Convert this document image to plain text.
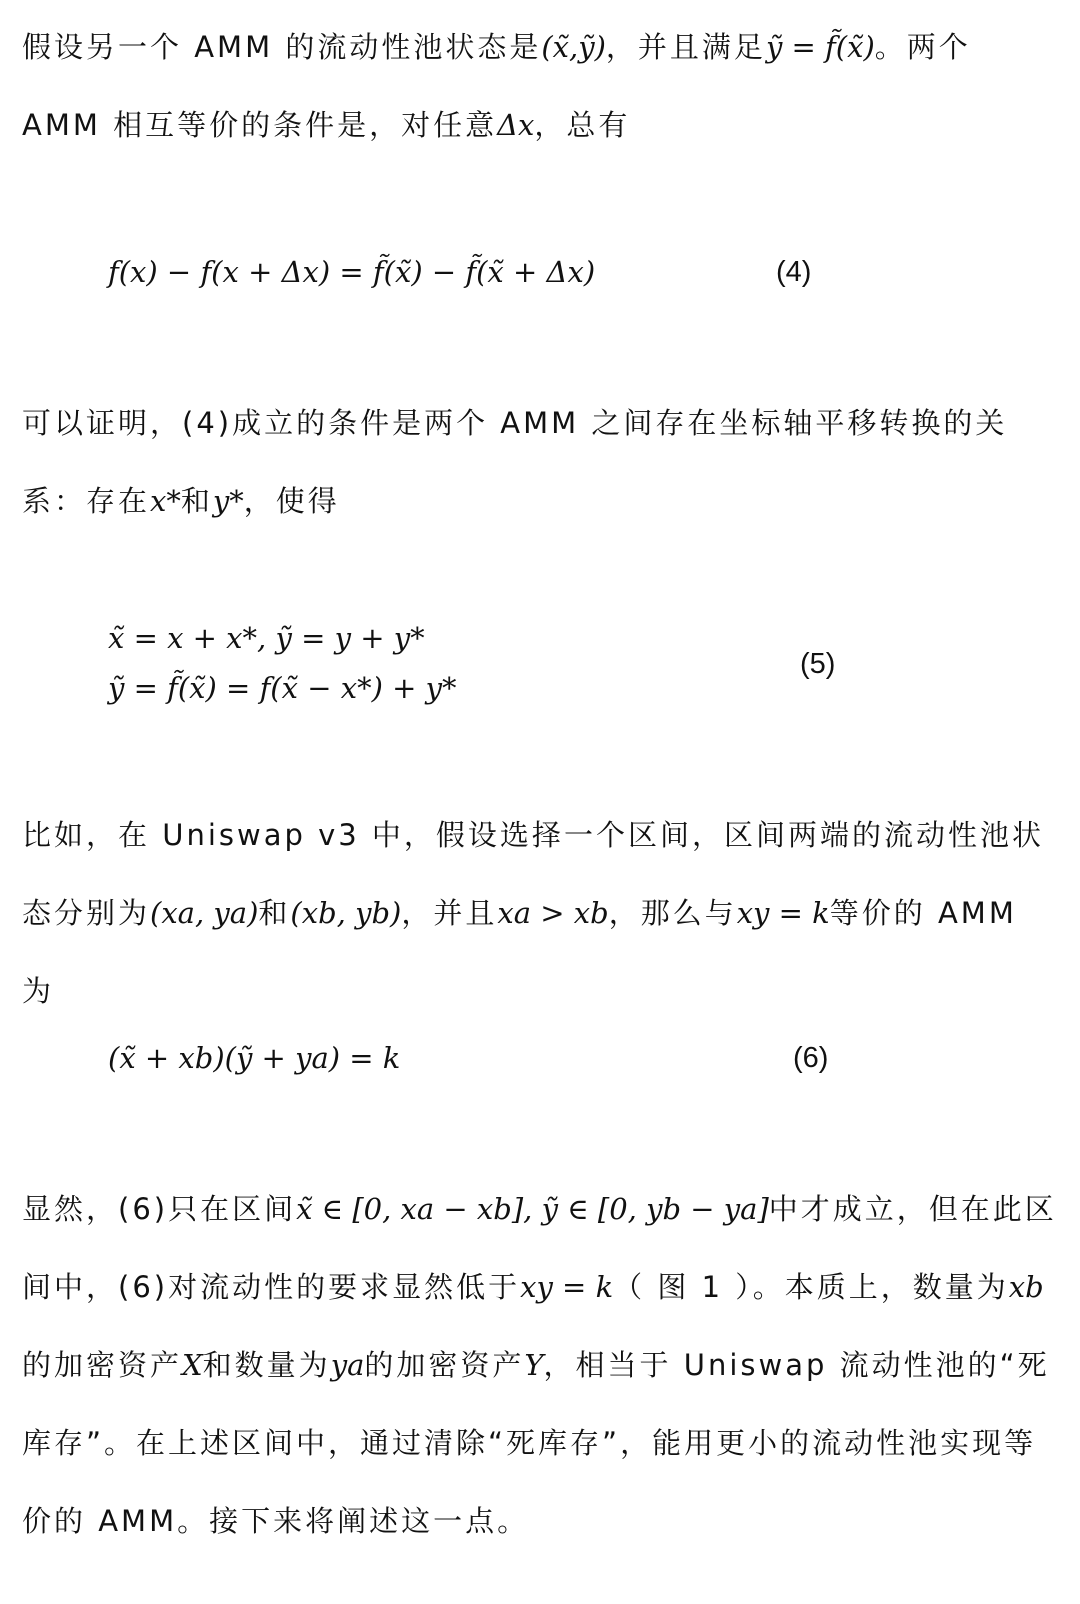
假设另一个 AMM 的流动性池状态是(x̃,ỹ)，并且满足ỹ = f̃(x̃)。两个 AMM 相互等价的条件是，对任意Δx，总有

f(x) − f(x + Δx) = f̃(x̃) − f̃(x̃ + Δx)	(4)

可以证明，(4)成立的条件是两个 AMM 之间存在坐标轴平移转换的关系：存在x*和y*，使得

x̃ = x + x*, ỹ = y + y*
ỹ = f̃(x̃) = f(x̃ − x*) + y*
(5)

比如，在 Uniswap v3 中，假设选择一个区间，区间两端的流动性池状态分别为(xa, ya)和(xb, yb)，并且xa > xb，那么与xy = k等价的 AMM 为

(x̃ + xb)(ỹ + ya) = k	(6)

显然，(6)只在区间x̃ ∈ [0, xa − xb], ỹ ∈ [0, yb − ya]中才成立，但在此区间中，(6)对流动性的要求显然低于xy = k（ 图 1 ）。本质上，数量为xb的加密资产X和数量为ya的加密资产Y，相当于 Uniswap 流动性池的“死库存”。在上述区间中，通过清除“死库存”，能用更小的流动性池实现等价的 AMM。接下来将阐述这一点。
